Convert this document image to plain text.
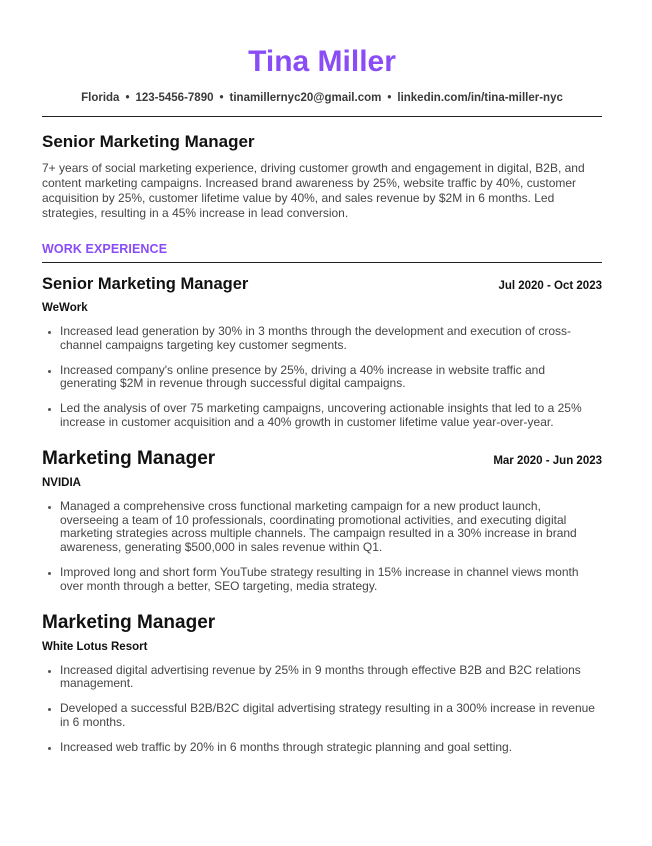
Tina Miller
Florida • 123-5456-7890 • tinamillernyc20@gmail.com • linkedin.com/in/tina-miller-nyc
Senior Marketing Manager
7+ years of social marketing experience, driving customer growth and engagement in digital, B2B, and content marketing campaigns. Increased brand awareness by 25%, website traffic by 40%, customer acquisition by 25%, customer lifetime value by 40%, and sales revenue by $2M in 6 months. Led strategies, resulting in a 45% increase in lead conversion.
WORK EXPERIENCE
Senior Marketing Manager	Jul 2020 - Oct 2023
WeWork
Increased lead generation by 30% in 3 months through the development and execution of cross-channel campaigns targeting key customer segments.
Increased company's online presence by 25%, driving a 40% increase in website traffic and generating $2M in revenue through successful digital campaigns.
Led the analysis of over 75 marketing campaigns, uncovering actionable insights that led to a 25% increase in customer acquisition and a 40% growth in customer lifetime value year-over-year.
Marketing Manager	Mar 2020 - Jun 2023
NVIDIA
Managed a comprehensive cross functional marketing campaign for a new product launch, overseeing a team of 10 professionals, coordinating promotional activities, and executing digital marketing strategies across multiple channels. The campaign resulted in a 30% increase in brand awareness, generating $500,000 in sales revenue within Q1.
Improved long and short form YouTube strategy resulting in 15% increase in channel views month over month through a better, SEO targeting, media strategy.
Marketing Manager
White Lotus Resort
Increased digital advertising revenue by 25% in 9 months through effective B2B and B2C relations management.
Developed a successful B2B/B2C digital advertising strategy resulting in a 300% increase in revenue in 6 months.
Increased web traffic by 20% in 6 months through strategic planning and goal setting.
